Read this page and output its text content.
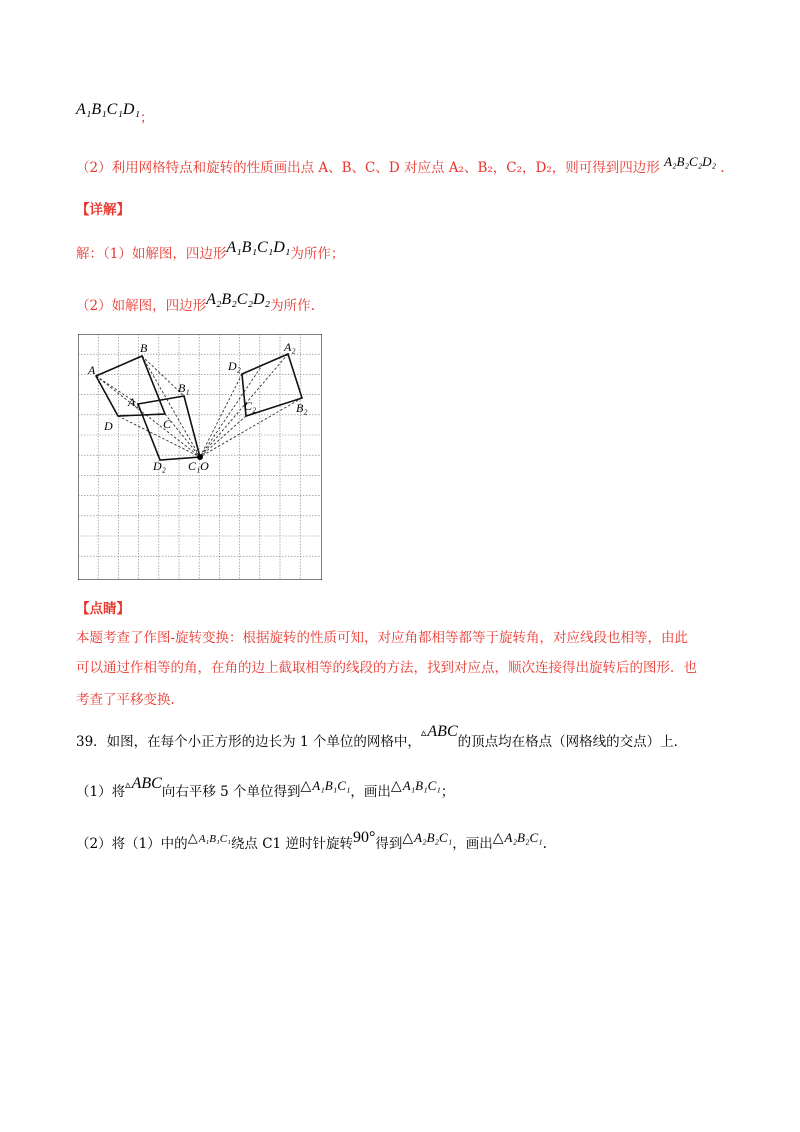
A₁B₁C₁D₁；
（2）利用网格特点和旋转的性质画出点 A、B、C、D 对应点 A₂、B₂，C₂，D₂，则可得到四边形 A₂B₂C₂D₂ .
【详解】
解：（1）如解图，四边形A₁B₁C₁D₁为所作；
（2）如解图，四边形A₂B₂C₂D₂为所作.
A
B
C
D
A₁
B₁
C₁O
D₂
A₂
B₂
C₂
D₂
【点睛】
本题考查了作图-旋转变换：根据旋转的性质可知，对应角都相等都等于旋转角，对应线段也相等，由此
可以通过作相等的角，在角的边上截取相等的线段的方法，找到对应点，顺次连接得出旋转后的图形．也
考查了平移变换.
39．如图，在每个小正方形的边长为 1 个单位的网格中，▵ABC的顶点均在格点（网格线的交点）上．
（1）将▵ABC向右平移 5 个单位得到△A₁B₁C₁，画出△A₁B₁C₁；
（2）将（1）中的△A₁B₁C₁绕点 C1 逆时针旋转90°得到△A₂B₂C₁，画出△A₂B₂C₁.
